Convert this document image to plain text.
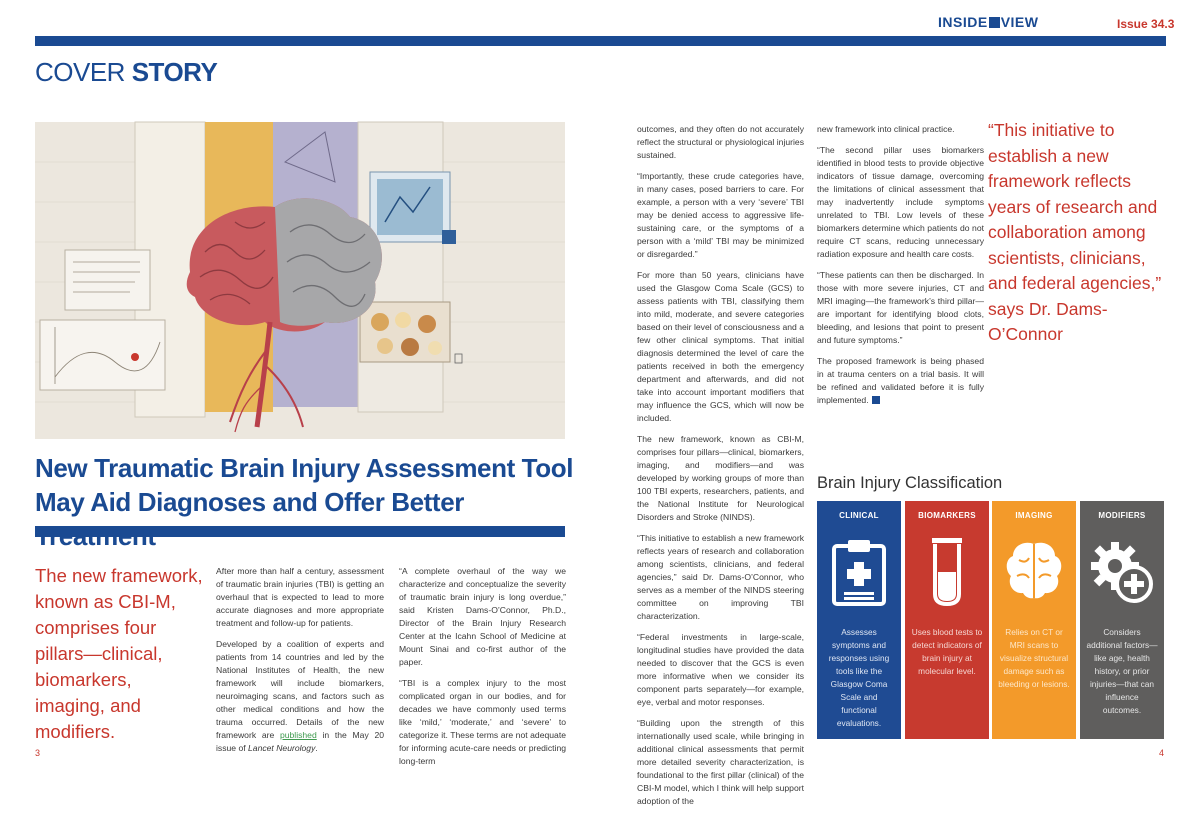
INSIDE VIEW	Issue 34.3
COVER STORY
New Traumatic Brain Injury Assessment Tool
May Aid Diagnoses and Offer Better
The new framework, known as CBI-M, comprises four pillars—clinical, biomarkers, imaging, and modifiers.
“This initiative to establish a new framework reflects years of research and collaboration among scientists, clinicians, and federal agencies,” says Dr. Dams-O’Connor

After more than half a century, assessment of traumatic brain injuries (TBI) is getting an overhaul that is expected to lead to more accurate diagnoses and more appropriate treatment and follow-up for patients.

Developed by a coalition of experts and patients from 14 countries and led by the National Institutes of Health, the new framework will include biomarkers, neuroimaging scans, and factors such as other medical conditions and how the trauma occurred. Details of the new framework are published in the May 20 issue of Lancet Neurology.

“A complete overhaul of the way we characterize and conceptualize the severity of traumatic brain injury is long overdue,” said Kristen Dams-O’Connor, Ph.D., Director of the Brain Injury Research Center at the Icahn School of Medicine at Mount Sinai and co-first author of the paper.

“TBI is a complex injury to the most complicated organ in our bodies, and for decades we have commonly used terms like ‘mild,’ ‘moderate,’ and ‘severe’ to categorize it. These terms are not adequate for informing acute-care needs or predicting long-term

outcomes, and they often do not accurately reflect the structural or physiological injuries sustained.

“Importantly, these crude categories have, in many cases, posed barriers to care. For example, a person with a very ‘severe’ TBI may be denied access to aggressive life-sustaining care, or the symptoms of a person with a ‘mild’ TBI may be minimized or disregarded.”

For more than 50 years, clinicians have used the Glasgow Coma Scale (GCS) to assess patients with TBI, classifying them into mild, moderate, and severe categories based on their level of consciousness and a few other clinical symptoms. That initial diagnosis determined the level of care the patients received in both the emergency department and afterwards, and did not take into account important modifiers that may influence the GCS, which will now be included.

The new framework, known as CBI-M, comprises four pillars—clinical, biomarkers, imaging, and modifiers—and was developed by working groups of more than 100 TBI experts, researchers, patients, and the National Institute for Neurological Disorders and Stroke (NINDS).

“This initiative to establish a new framework reflects years of research and collaboration among scientists, clinicians, and federal agencies,” said Dr. Dams-O’Connor, who serves as a member of the NINDS steering committee on improving TBI characterization.

“Federal investments in large-scale, longitudinal studies have provided the data needed to discover that the GCS is even more informative when we consider its component parts separately—for example, eye, verbal and motor responses.

“Building upon the strength of this internationally used scale, while bringing in additional clinical assessments that permit more detailed severity characterization, is foundational to the first pillar (clinical) of the CBI-M model, which I think will help support adoption of the

new framework into clinical practice.

“The second pillar uses biomarkers identified in blood tests to provide objective indicators of tissue damage, overcoming the limitations of clinical assessment that may inadvertently include symptoms unrelated to TBI. Low levels of these biomarkers determine which patients do not require CT scans, reducing unnecessary radiation exposure and health care costs.

“These patients can then be discharged. In those with more severe injuries, CT and MRI imaging—the framework’s third pillar—are important for identifying blood clots, bleeding, and lesions that point to present and future symptoms.”

The proposed framework is being phased in at trauma centers on a trial basis. It will be refined and validated before it is fully implemented.

Brain Injury Classification
CLINICAL
Assesses symptoms and responses using tools like the Glasgow Coma Scale and functional evaluations.
BIOMARKERS
Uses blood tests to detect indicators of brain injury at molecular level.
IMAGING
Relies on CT or MRI scans to visualize structural damage such as bleeding or lesions.
MODIFIERS
Considers additional factors—like age, health history, or prior injuries—that can influence outcomes.
3	4
